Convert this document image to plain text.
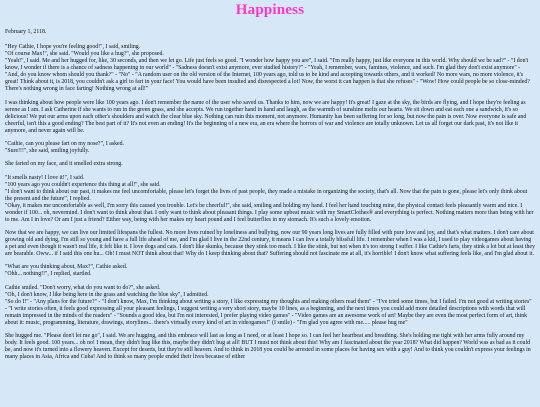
Happiness

February 1, 2118.

"Hey Cathie, I hope you're feeling good!", I said, smiling.
"Of course Max!", she said. "Would you like a hug?", she proposed.
"Yeah!", I said. Me and her hugged for, like, 30 seconds, and then we let go. Life just feels so good. "I wonder how happy you are", I said. "I'm really happy, just like everyone in this world. Why should we be sad?" - "I don't know, I wonder if there is a chance of sadness happening in our world" - "Sadness doesn't exist anymore, ever studied history?" - "Yeah, I remember, wars, famines, violence, and such. I'm glad they don't exist anymore" - "And, do you know whom should you thank?" - "No" - "A random user on the old version of the Internet, 100 years ago, told us to be kind and accepting towards others, and it worked! No more wars, no more violence, it's great! Think about it, is 2018, you couldn't ask a girl to fart in your face! You would have been insulted and disrespected a lot! Now, the worst it can happen is that she refuses" - "Wow! How could people be so close-minded? There's nothing wrong in face farting! Nothing wrong at all!"

I was thinking about how people were like 100 years ago. I don't remember the name of the user who saved us. Thanks to him, now we are happy! It's great! I gaze at the sky, the birds are flying, and I hope they're feeling as serene as I am. I ask Catherine if she wants to run in the green grass, and she accepts. We run together hand in hand and laugh, as the warmth of sunshine melts our hearts. We sit down and eat each one a sandwich, it's so delicious! We put our arms upon each other's shoulders and watch the clear blue sky. Nothing can ruin this moment, not anymore. Humanity has been suffering for so long, but now the pain is over. Now everyone is safe and cheerful, isn't this a good ending? The best part of it? It's not even an ending! It's the beginning of a new era, an era where the horrors of war and violence are totally unknown. Let us all forget our dark past, it's not like it anymore, and never again will be.

"Cathie, can you please fart on my nose?", I asked.
"Sure!!!", she said, smiling joyfully.

She farted on my face, and it smelled extra strong.

"It smells nasty! I love it!", I said.
"100 years ago you couldn't experience this thing at all!", she said.
"I don't want to think about our past, it makes me feel uncomfortable, please let's forget the lives of past people, they made a mistake in organizing the society, that's all. Now that the pain is gone, please let's only think about the present and the future", I replied.
"Okay, it makes me uncomfortable as well, I'm sorry this caused you trouble. Let's be cheerful!", she said, smiling and holding my hand. I feel her hand touching mine, the physical contact feels pleasantly warm and nice. I wonder if 100... oh, nevermind. I don't want to think about that. I only want to think about pleasant things. I play some upbeat music with my SmartClothes® and everything is perfect. Nothing matters more than being with her to me. Am I in love? Or am I just a friend? Either way, being with her makes my heart pound and I feel butterflies in my stomach. It's such a lovely emotion.

Now that we are happy, we can live our limited lifespans the fullest. No more lives ruined by loneliness and bullying, now our 90 years long lives are fully filled with pure love and joy, and that's what matters. I don't care about growing old and dying, I'm still so young and have a full life ahead of me, and I'm glad I live in the 22nd century, it means I can live a totally blissfull life. I remember when I was a kid, I used to play videogames about having a pet and even though it wasn't real life, it felt like it. I love dogs and cats. I don't like skunks, because they stink too much. I like the stink, but not when it's too strong I suffer. I like Cathie's farts, they stink a lot but at least they are bearable. Oww... if I said this one hu... Oh! I must NOT think about that! Why do I keep thinking about that? Suffering should not fascinate me at all, it's horrible! I don't know what suffering feels like, and I'm glad about it.

"What are you thinking about, Max?", Cathie asked.
"Ohh... nothing!!", I replied, startled.

Cathie smiled. "Don't worry, what do you want to do?", she asked.
"Oh, I don't know, I like being here in the grass and watching the blue sky", I admitted.
"So do I!" - "Any plans for the future?" - "I don't know, Max, I'm thinking about writing a story, I like expressing my thoughts and making others read them" - "I've tried some times, but I failed. I'm not good at writing stories" - "I write stories often, it feels good expressing all your pleasant feelings, I suggest writing a very short story, maybe 10 lines, as a beginning, and the next times you could add more detailed descriptions with words that will remain impressed in the minds of the readers" - "Sounds a good idea, but I'm not interested, I prefer playing video games" - "Video games are an awesome work of art! Maybe they are even the most perfect form of art, think about it: music, programming, literature, drawings, storylines... there's virtually every kind of art in videogames!" (I smile) - "I'm glad you agree with me..... please hug me"

She hugged me. "Please don't let me go", I said. We are hugging, and this embrace will last as long as I need, or at least I hope so. I can feel her heartbeat and breathing. She's holding me tight with her arms fully around my body. It feels good. 100 years... oh no! I mean, they didn't hug like this, maybe they didn't hug at all! BUT I must not think about this! Why am I fascinated about the year 2018? What did happen? World was as bad as it could be, and now it's turned into a flowery heaven. Except for deserts, but they're still heaven. And to think in 2018 you could be arrested in some places for having sex with a guy! And to think you couldn't express your feelings in many places in Asia, Africa and Cuba! And to think so many people ended their lives because of either
